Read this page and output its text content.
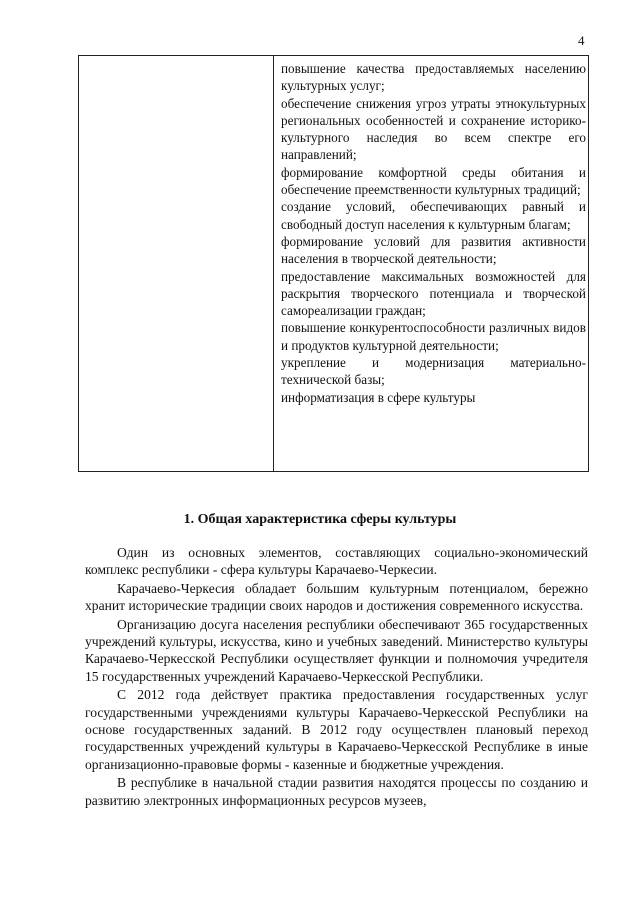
4

повышение качества предоставляемых населению культурных услуг;

обеспечение снижения угроз утраты этнокультурных региональных особенностей и сохранение историко-культурного наследия во всем спектре его направлений;

формирование комфортной среды обитания и обеспечение преемственности культурных традиций;

создание условий, обеспечивающих равный и свободный доступ населения к культурным благам;

формирование условий для развития активности населения в творческой деятельности;

предоставление максимальных возможностей для раскрытия творческого потенциала и творческой самореализации граждан;

повышение конкурентоспособности различных видов и продуктов культурной деятельности;

укрепление и модернизация материально-технической базы;

информатизация в сфере культуры

1. Общая характеристика сферы культуры

Один из основных элементов, составляющих социально-экономический комплекс республики - сфера культуры Карачаево-Черкесии.

Карачаево-Черкесия обладает большим культурным потенциалом, бережно хранит исторические традиции своих народов и достижения современного искусства.

Организацию досуга населения республики обеспечивают 365 государственных учреждений культуры, искусства, кино и учебных заведений. Министерство культуры Карачаево-Черкесской Республики осуществляет функции и полномочия учредителя 15 государственных учреждений Карачаево-Черкесской Республики.

С 2012 года действует практика предоставления государственных услуг государственными учреждениями культуры Карачаево-Черкесской Республики на основе государственных заданий. В 2012 году осуществлен плановый переход государственных учреждений культуры в Карачаево-Черкесской Республике в иные организационно-правовые формы - казенные и бюджетные учреждения.

В республике в начальной стадии развития находятся процессы по созданию и развитию электронных информационных ресурсов музеев,
